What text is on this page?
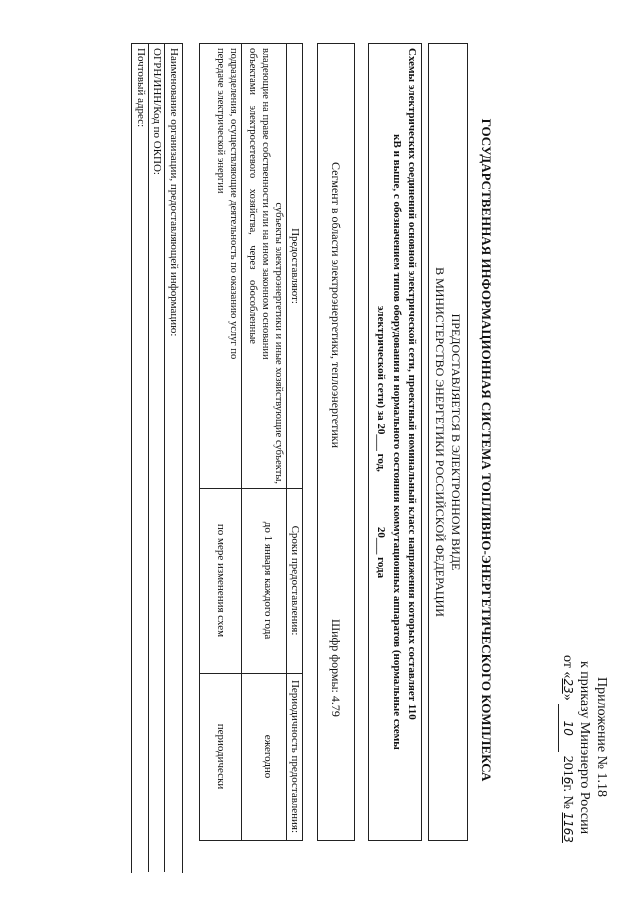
Приложение № 1.18
к приказу Минэнерго России
от «23» 10 2016г. № 1163
ГОСУДАРСТВЕННАЯ ИНФОРМАЦИОННАЯ СИСТЕМА ТОПЛИВНО-ЭНЕРГЕТИЧЕСКОГО КОМПЛЕКСА
ПРЕДОСТАВЛЯЕТСЯ В ЭЛЕКТРОННОМ ВИДЕ
В МИНИСТЕРСТВО ЭНЕРГЕТИКИ РОССИЙСКОЙ ФЕДЕРАЦИИ
Схемы электрических соединений основной электрической сети, проектный номинальный класс напряжения которых составляет 110
кВ и выше, с обозначением типов оборудования и нормального состояния коммутационных аппаратов (нормальные схемы
электрической сети) за 20___ год,                    20___ года
Сегмент в области электроэнергетики, теплоэнергетики
Шифр формы: 4.79
Предоставляют:
Сроки предоставления:
Периодичность предоставления:
субъекты электроэнергетики и иные хозяйствующие субъекты,
владеющие на праве собственности или на ином законном основании
объектами    электросетевого    хозяйства,    через    обособленные
до 1 января каждого года
ежегодно
подразделения, осуществляющие деятельность по оказанию услуг по
передаче электрической энергии
по мере изменения схем
периодически
Наименование организации, предоставляющей информацию:
ОГРН/ИНН/Код по ОКПО:
Почтовый адрес:
